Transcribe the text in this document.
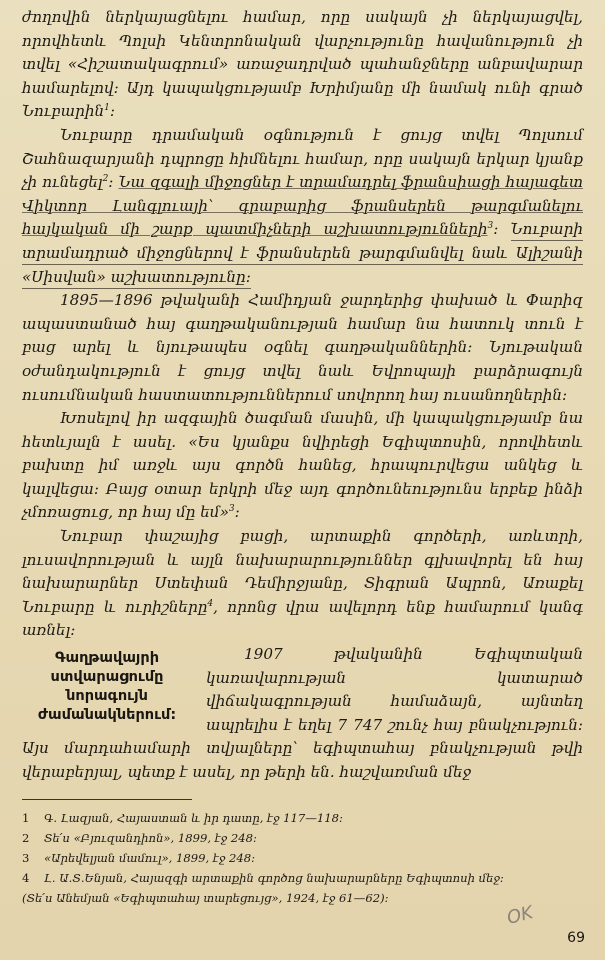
ժողովին ներկայացնելու համար, որը սակայն չի ներկայացվել, որովհետև Պոլսի Կենտրոնական վարչությունը հավանություն չի տվել «Հիշատակագրում» առաջադրված պահանջները անբավարար համարելով: Այդ կապակցությամբ Խրիմյանը մի նամակ ունի գրած Նուբարին$^1$:

Նուբարը դրամական օգնություն է ցույց տվել Պոլսում Շահնազարյանի դպրոցը հիմնելու համար, որը սակայն երկար կյանք չի ունեցել$^2$: Նա զգալի միջոցներ է տրամադրել ֆրանսիացի հայագետ Վիկտոր Լանգլուայի՝ գրաբարից ֆրանսերեն թարգմանելու հայկական մի շարք պատմիչների աշխատությունների$^3$: Նուբարի տրամադրած միջոցներով է ֆրանսերեն թարգմանվել նաև Ալիշանի «Սիսվան» աշխատությունը:

1895—1896 թվականի Համիդյան ջարդերից փախած և Փարիզ ապաստանած հայ գաղթականության համար նա հատուկ տուն է բաց արել և նյութապես օգնել գաղթականներին: Նյութական օժանդակություն է ցույց տվել նաև Եվրոպայի բարձրագույն ուսումնական հաստատություններում սովորող հայ ուսանողներին:

Խոսելով իր ազգային ծագման մասին, մի կապակցությամբ նա հետևյալն է ասել. «Ես կյանքս նվիրեցի Եգիպտոսին, որովհետև բախտը իմ առջև այս գործն հանեց, հրապուրվեցա անկեց և կալվեցա: Բայց օտար երկրի մեջ այդ գործունեությունս երբեք ինձի չմոռացուց, որ հայ մը եմ»$^3$:

Նուբար փաշայից բացի, արտաքին գործերի, առևտրի, լուսավորության և այլն նախարարություններ գլխավորել են հայ նախարարներ Ստեփան Դեմիրջյանը, Տիգրան Ապրոն, Առաքել Նուբարը և ուրիշները$^4$, որոնց վրա ավելորդ ենք համարում կանգ առնել:

Գաղթավայրի
ստվարացումը
նորագույն
ժամանակներում:

1907 թվականին Եգիպտական կառավարության կատարած վիճակագրության համաձայն, այնտեղ ապրելիս է եղել 7 747 շունչ հայ բնակչություն: Այս մարդահամարի տվյալները՝ եգիպտահայ բնակչության թվի վերաբերյալ, պետք է ասել, որ թերի են. հաշվառման մեջ

1 Գ. Լազյան, Հայաստան և իր դատը, էջ 117—118:
2 Տե՛ս «Բյուզանդիոն», 1899, էջ 248:
3 «Արեվելյան մամուլ», 1899, էջ 248:
4 Լ. Ա.Տ.Ենյան, Հայազգի արտաքին գործոց նախարարները Եգիպտոսի մեջ:
(Տե՛ս Անեմյան «Եգիպտահայ տարեցույց», 1924, էջ 61—62):
OK
69
